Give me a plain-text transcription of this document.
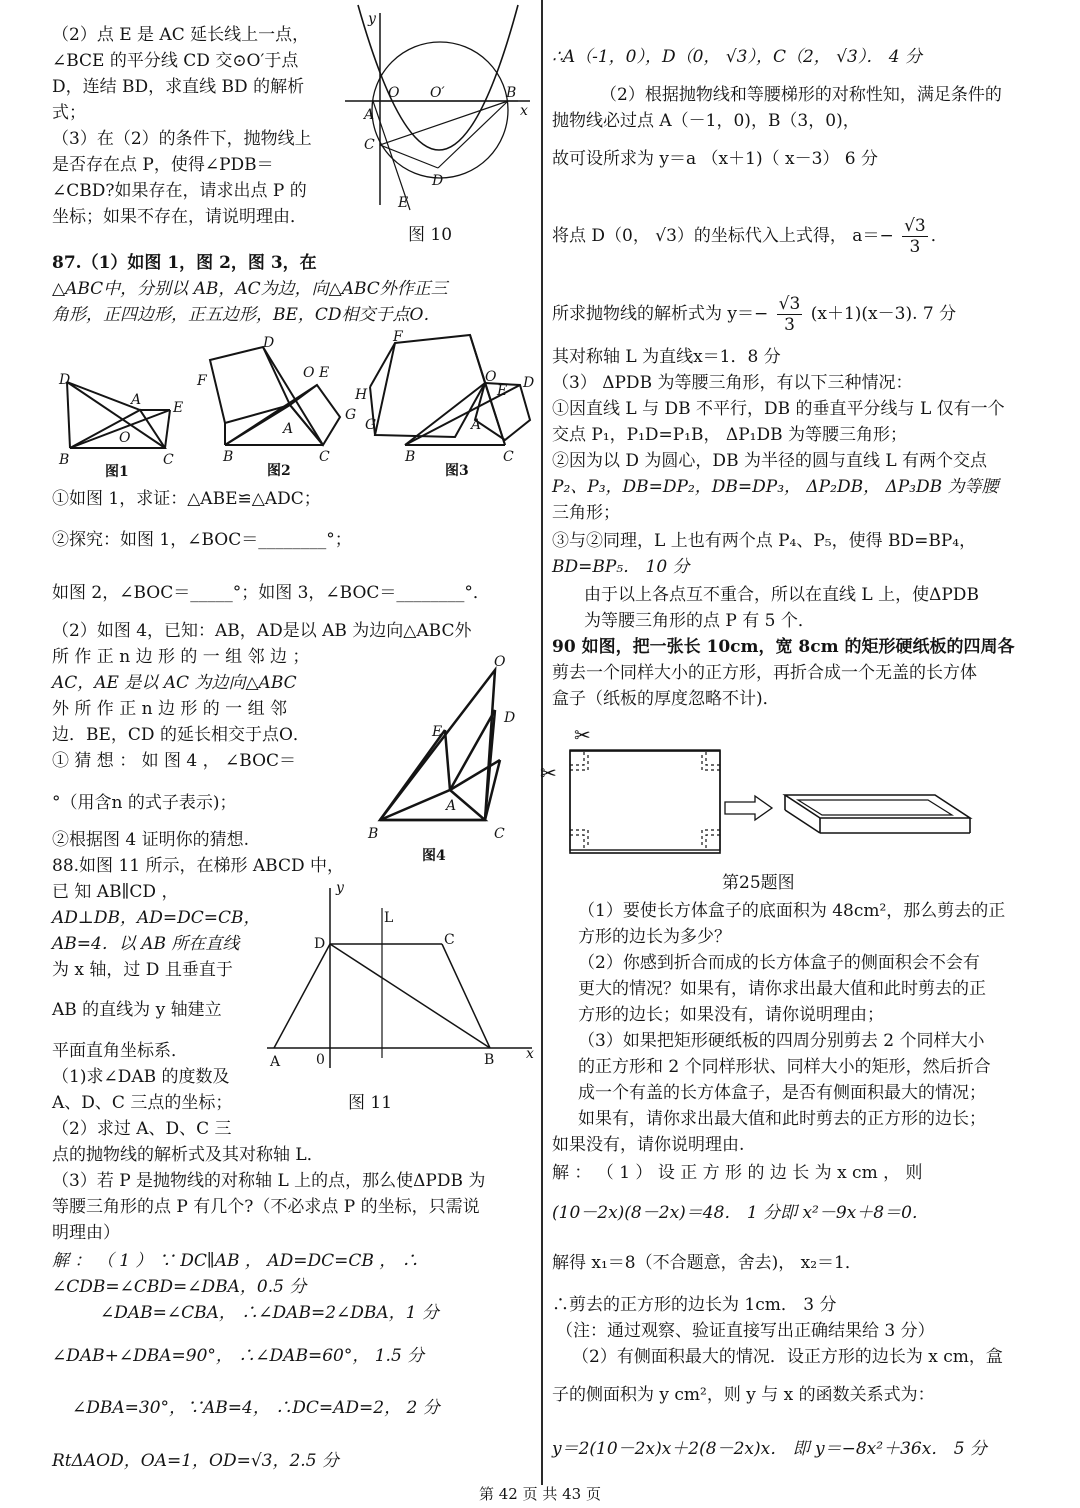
（2）点 E 是 AC 延长线上一点，
∠BCE 的平分线 CD 交⊙O′于点
D，连结 BD，求直线 BD 的解析
式；
（3）在（2）的条件下，抛物线上
是否存在点 P，使得∠PDB＝
∠CBD?如果存在，请求出点 P 的
坐标；如果不存在，请说明理由．
y
x
A
O O′	B
C
D
E
图 10
87.（1）如图 1，图 2，图 3，在
△ABC中，分别以 AB，AC为边，向△ABC外作正三
角形，正四边形，正五边形，BE，CD相交于点O．
D
A E
O
B	C
图1
D
F	O E
A
G
B	C
图2
F
H
G
O
E
A
B	C
D
图3
①如图 1，求证：△ABE≌△ADC；
②探究：如图 1，∠BOC＝________°；
如图 2，∠BOC＝_____°；如图 3，∠BOC＝________°．
（2）如图 4，已知：AB，AD是以 AB 为边向△ABC外
所 作 正 n 边 形 的 一 组 邻 边 ；
AC，AE 是以 AC 为边向△ABC
外 所 作 正 n 边 形 的 一 组 邻
边．BE，CD 的延长相交于点O．
① 猜 想 ： 如 图 4 ， ∠BOC＝
°（用含n 的式子表示)；
②根据图 4 证明你的猜想.
O
E
D
A
B	C
图4
88.如图 11 所示，在梯形 ABCD 中，
已 知 AB∥CD ，
AD⊥DB，AD=DC=CB，
AB=4．以 AB 所在直线
为 x 轴，过 D 且垂直于
AB 的直线为 y 轴建立
平面直角坐标系．
（1)求∠DAB 的度数及
A、D、C 三点的坐标；
（2）求过 A、D、C 三
点的抛物线的解析式及其对称轴 L．
（3）若 P 是抛物线的对称轴 L 上的点，那么使ΔPDB 为
等腰三角形的点 P 有几个?（不必求点 P 的坐标，只需说
明理由）
y
x
L
D	C
A	0	B
图 11
解 ： （ 1 ） ∵ DC∥AB ， AD=DC=CB ， ∴
∠CDB=∠CBD=∠DBA，0.5 分
∠DAB=∠CBA， ∴∠DAB=2∠DBA，1 分
∠DAB+∠DBA=90°， ∴∠DAB=60°， 1.5 分
∠DBA=30°，∵AB=4， ∴DC=AD=2， 2 分
RtΔAOD，OA=1，OD=√3，2.5 分
∴A（-1，0），D（0， √3），C（2， √3）． 4 分
（2）根据抛物线和等腰梯形的对称性知，满足条件的
抛物线必过点 A（－1，0)，B（3，0)，
故可设所求为 y＝a （x＋1)（ x－3） 6 分
将点 D（0， √3）的坐标代入上式得， $a=- \frac{√3}{3}$ ．
所求抛物线的解析式为 $y=- \frac{√3}{3} (x+1)(x-3)$. 7 分
其对称轴 L 为直线x＝1．8 分
（3） ΔPDB 为等腰三角形，有以下三种情况：
①因直线 L 与 DB 不平行，DB 的垂直平分线与 L 仅有一个
交点 P₁，P₁D=P₁B， ΔP₁DB 为等腰三角形；
②因为以 D 为圆心，DB 为半径的圆与直线 L 有两个交点
P₂、P₃，DB=DP₂，DB=DP₃， ΔP₂DB， ΔP₃DB 为等腰
三角形；
③与②同理，L 上也有两个点 P₄、P₅，使得 BD=BP₄，
BD=BP₅． 10 分
由于以上各点互不重合，所以在直线 L 上，使ΔPDB
为等腰三角形的点 P 有 5 个．
90 如图，把一张长 10cm，宽 8cm 的矩形硬纸板的四周各
剪去一个同样大小的正方形，再折合成一个无盖的长方体
盒子（纸板的厚度忽略不计)．
✂
✂
第25题图
（1）要使长方体盒子的底面积为 48cm²，那么剪去的正
方形的边长为多少？
（2）你感到折合而成的长方体盒子的侧面积会不会有
更大的情况？如果有，请你求出最大值和此时剪去的正
方形的边长；如果没有，请你说明理由；
（3）如果把矩形硬纸板的四周分别剪去 2 个同样大小
的正方形和 2 个同样形状、同样大小的矩形，然后折合
成一个有盖的长方体盒子，是否有侧面积最大的情况；
如果有，请你求出最大值和此时剪去的正方形的边长；
如果没有，请你说明理由.
解 ： （ 1 ） 设 正 方 形 的 边 长 为 x cm ， 则
(10－2x)(8－2x)＝48． 1 分即 x²－9x＋8＝0．
解得 x₁＝8（不合题意，舍去)， x₂＝1．
∴剪去的正方形的边长为 1cm． 3 分
（注：通过观察、验证直接写出正确结果给 3 分）
（2）有侧面积最大的情况．设正方形的边长为 x cm，盒
子的侧面积为 y cm²，则 y 与 x 的函数关系式为：
y＝2(10－2x)x＋2(8－2x)x． 即 y＝−8x²＋36x． 5 分
第 42 页 共 43 页
